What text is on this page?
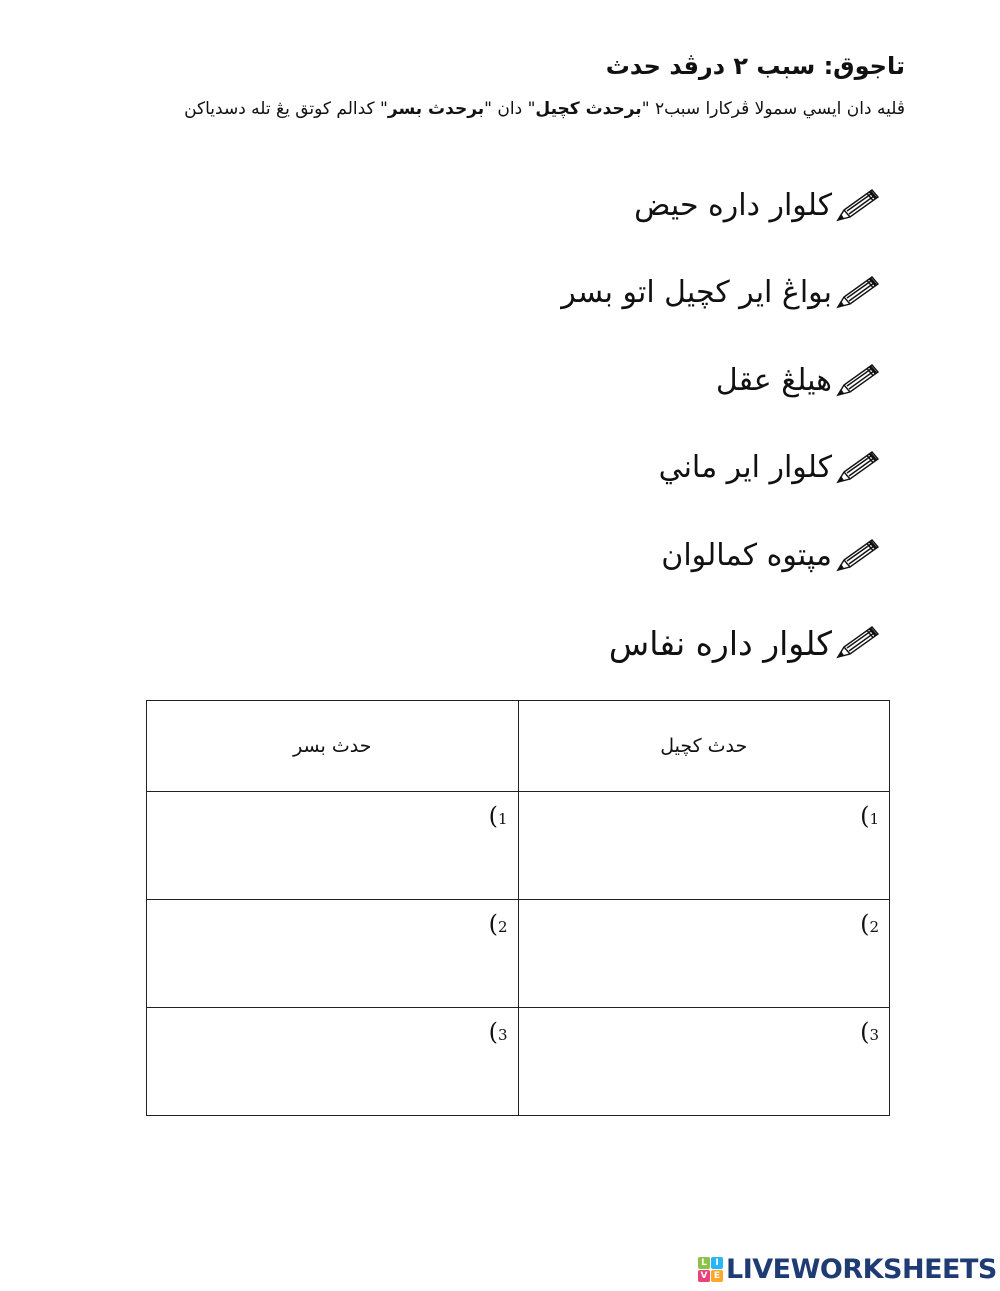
تاجوق: سبب ٢ درڤد حدث
ڤليه دان ايسي سمولا ڤركارا سبب٢ "برحدث كچيل" دان "برحدث بسر" كدالم كوتق يڠ تله دسدياكن
كلوار داره حيض
بواڠ اير كچيل اتو بسر
هيلڠ عقل
كلوار اير ماني
مپتوه كمالوان
كلوار داره نفاس
حدث بسر	حدث كچيل
(1	(1
(2	(2
(3	(3
L I
V E LIVEWORKSHEETS
